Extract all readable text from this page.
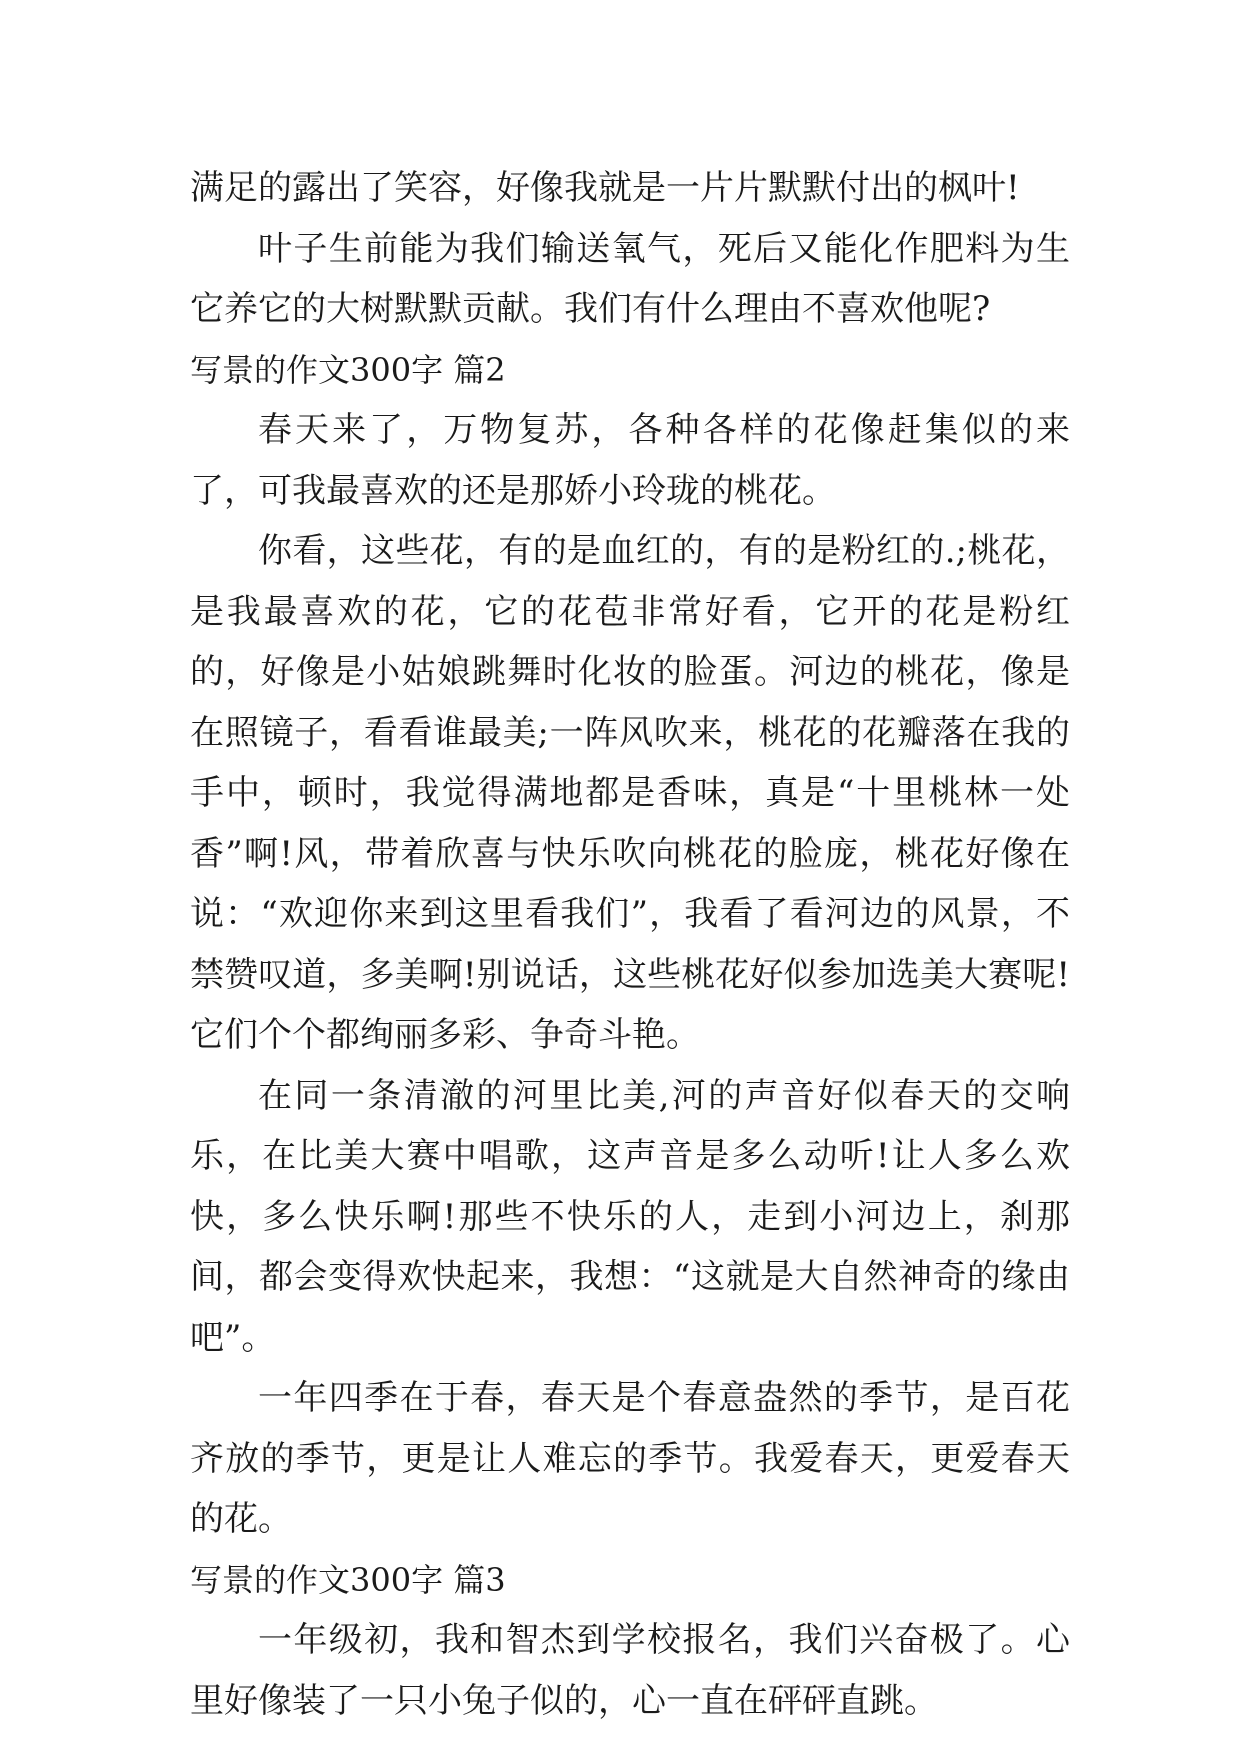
满足的露出了笑容，好像我就是一片片默默付出的枫叶!

叶子生前能为我们输送氧气，死后又能化作肥料为生它养它的大树默默贡献。我们有什么理由不喜欢他呢?

写景的作文300字 篇2

春天来了，万物复苏，各种各样的花像赶集似的来了，可我最喜欢的还是那娇小玲珑的桃花。

你看，这些花，有的是血红的，有的是粉红的.;桃花，是我最喜欢的花，它的花苞非常好看，它开的花是粉红的，好像是小姑娘跳舞时化妆的脸蛋。河边的桃花，像是在照镜子，看看谁最美;一阵风吹来，桃花的花瓣落在我的手中，顿时，我觉得满地都是香味，真是“十里桃林一处香”啊!风，带着欣喜与快乐吹向桃花的脸庞，桃花好像在说：“欢迎你来到这里看我们”，我看了看河边的风景，不禁赞叹道，多美啊!别说话，这些桃花好似参加选美大赛呢!它们个个都绚丽多彩、争奇斗艳。

在同一条清澈的河里比美,河的声音好似春天的交响乐，在比美大赛中唱歌，这声音是多么动听!让人多么欢快，多么快乐啊!那些不快乐的人，走到小河边上，刹那间，都会变得欢快起来，我想：“这就是大自然神奇的缘由吧”。

一年四季在于春，春天是个春意盎然的季节，是百花齐放的季节，更是让人难忘的季节。我爱春天，更爱春天的花。

写景的作文300字 篇3

一年级初，我和智杰到学校报名，我们兴奋极了。心里好像装了一只小兔子似的，心一直在砰砰直跳。
